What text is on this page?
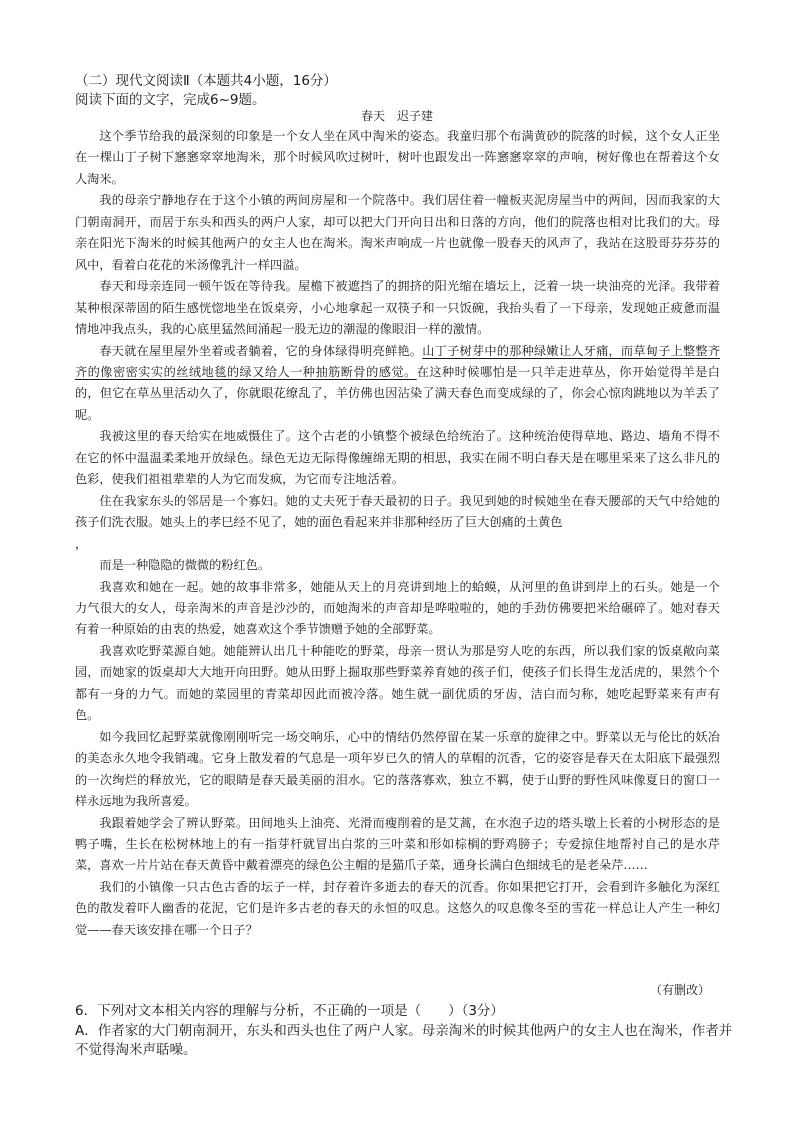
（二）现代文阅读Ⅱ（本题共4小题，16分）

阅读下面的文字，完成6~9题。

春天　迟子建

这个季节给我的最深刻的印象是一个女人坐在风中淘米的姿态。我童归那个布满黄砂的院落的时候，这个女人正坐在一棵山丁子树下窸窸窣窣地淘米，那个时候风吹过树叶，树叶也跟发出一阵窸窸窣窣的声响，树好像也在帮着这个女人淘米。

我的母亲宁静地存在于这个小镇的两间房屋和一个院落中。我们居住着一幢板夹泥房屋当中的两间，因而我家的大门朝南洞开，而居于东头和西头的两户人家，却可以把大门开向日出和日落的方向，他们的院落也相对比我们的大。母亲在阳光下淘米的时候其他两户的女主人也在淘米。淘米声响成一片也就像一股春天的风声了，我站在这股哥芬芬芬的风中，看着白花花的米汤像乳汁一样四溢。

春天和母亲连同一顿午饭在等待我。屋檐下被遮挡了的拥挤的阳光缩在墙坛上，泛着一块一块油亮的光泽。我带着某种根深蒂固的陌生感恍惚地坐在饭桌旁，小心地拿起一双筷子和一只饭碗，我抬头看了一下母亲，发现她正疲惫而温情地冲我点头，我的心底里猛然间涌起一股无边的潮湿的像眼泪一样的激情。

春天就在屋里屋外坐着或者躺着，它的身体绿得明亮鲜艳。山丁子树芽中的那种绿嫩让人牙痛，而草甸子上整整齐齐的像密密实实的丝绒地毯的绿又给人一种抽筋断骨的感觉。在这种时候哪怕是一只羊走进草丛，你开始觉得羊是白的，但它在草丛里活动久了，你就眼花缭乱了，羊仿佛也因沾染了满天春色而变成绿的了，你会心惊肉跳地以为羊丢了呢。

我被这里的春天给实在地威慑住了。这个古老的小镇整个被绿色给统治了。这种统治使得草地、路边、墙角不得不在它的怀中温温柔柔地开放绿色。绿色无边无际得像缠绵无期的相思，我实在闹不明白春天是在哪里采来了这么非凡的色彩，使我们祖祖辈辈的人为它而发疯，为它而专注地活着。

住在我家东头的邻居是一个寡妇。她的丈夫死于春天最初的日子。我见到她的时候她坐在春天腰部的天气中给她的孩子们洗衣服。她头上的孝巳经不见了，她的面色看起来并非那种经历了巨大创痛的土黄色

，

而是一种隐隐的微微的粉红色。

我喜欢和她在一起。她的故事非常多，她能从天上的月亮讲到地上的蛤蟆，从河里的鱼讲到岸上的石头。她是一个力气很大的女人，母亲淘米的声音是沙沙的，而她淘米的声音却是哗啦啦的，她的手劲仿佛要把米给碾碎了。她对春天有着一种原始的由衷的热爱，她喜欢这个季节馈赠予她的全部野菜。

我喜欢吃野菜源自她。她能辨认出几十种能吃的野菜，母亲一贯认为那是穷人吃的东西，所以我们家的饭桌敞向菜园，而她家的饭桌却大大地开向田野。她从田野上掘取那些野菜养育她的孩子们，使孩子们长得生龙活虎的，果然个个都有一身的力气。而她的菜园里的青菜却因此而被冷落。她生就一副优质的牙齿，洁白而匀称，她吃起野菜来有声有色。

如今我回忆起野菜就像刚刚听完一场交响乐，心中的情结仍然停留在某一乐章的旋律之中。野菜以无与伦比的妖冶的美态永久地令我销魂。它身上散发着的气息是一项年岁已久的情人的草帽的沉香，它的姿容是春天在太阳底下最强烈的一次绚烂的释放光，它的眼睛是春天最美丽的泪水。它的落落寡欢，独立不羁，使于山野的野性风味像夏日的窗口一样永远地为我所喜爱。

我跟着她学会了辨认野菜。田间地头上油亮、光滑而瘦削着的是艾蒿，在水泡子边的塔头墩上长着的小树形态的是鸭子嘴，生长在松树林地上的有一指芽杆就冒出白浆的三叶菜和形如棕榈的野鸡膀子；专爱掠住地帮衬自己的是水芹菜，喜欢一片片站在春天黄昏中戴着漂亮的绿色公主帽的是猫爪子菜，通身长满白色细绒毛的是老朵芹……

我们的小镇像一只古色古香的坛子一样，封存着许多逝去的春天的沉香。你如果把它打开，会看到许多触化为深红色的散发着吓人幽香的花泥，它们是许多古老的春天的永恒的叹息。这悠久的叹息像冬至的雪花一样总让人产生一种幻觉——春天该安排在哪一个日子？

（有删改）

6．下列对文本相关内容的理解与分析，不正确的一项是（　　）（3分）

A．作者家的大门朝南洞开，东头和西头也住了两户人家。母亲淘米的时候其他两户的女主人也在淘米，作者并不觉得淘米声聒噪。
